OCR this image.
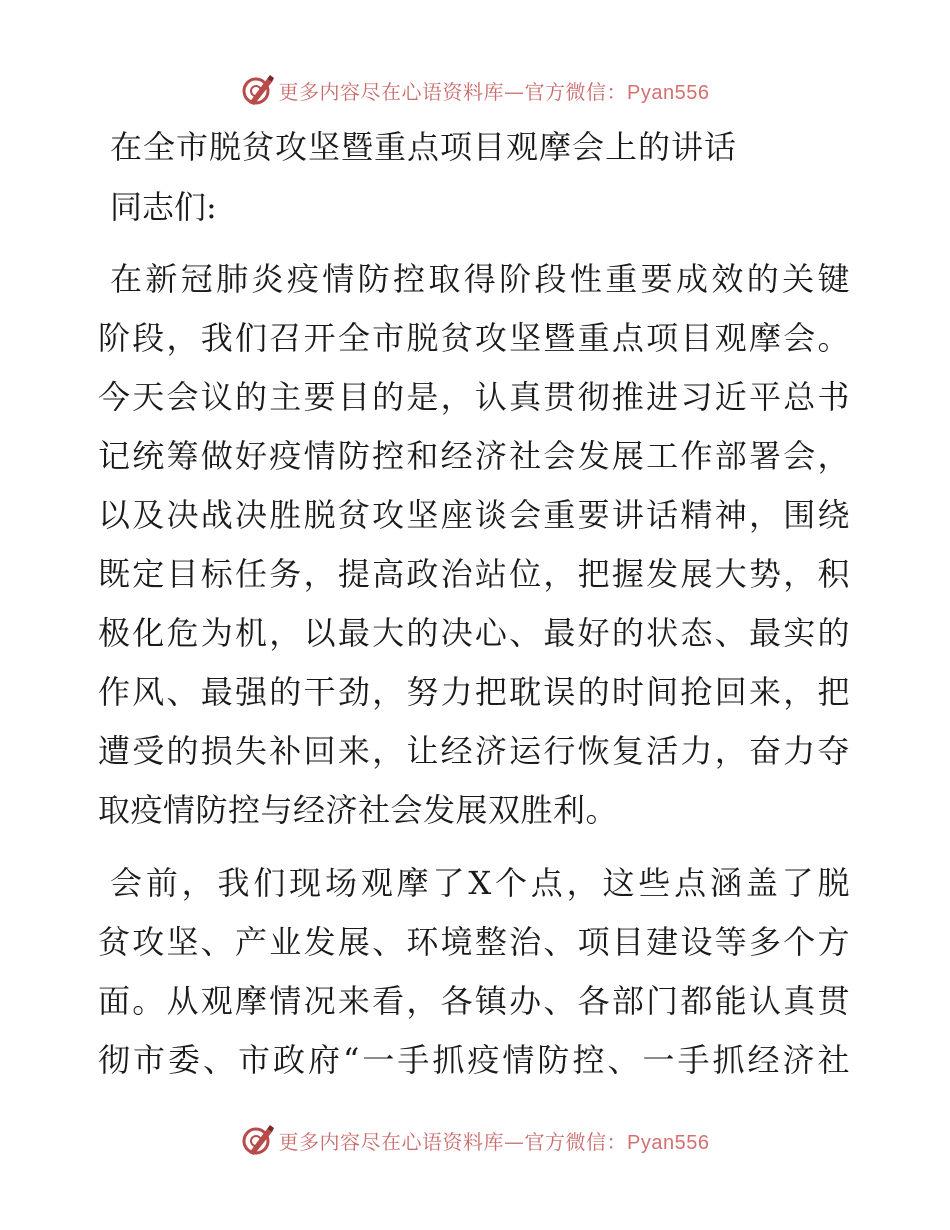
更多内容尽在心语资料库—官方微信：Pyan556
在全市脱贫攻坚暨重点项目观摩会上的讲话
同志们:
在新冠肺炎疫情防控取得阶段性重要成效的关键
阶段，我们召开全市脱贫攻坚暨重点项目观摩会。
今天会议的主要目的是，认真贯彻推进习近平总书
记统筹做好疫情防控和经济社会发展工作部署会，
以及决战决胜脱贫攻坚座谈会重要讲话精神，围绕
既定目标任务，提高政治站位，把握发展大势，积
极化危为机，以最大的决心、最好的状态、最实的
作风、最强的干劲，努力把耽误的时间抢回来，把
遭受的损失补回来，让经济运行恢复活力，奋力夺
取疫情防控与经济社会发展双胜利。
会前，我们现场观摩了X个点，这些点涵盖了脱
贫攻坚、产业发展、环境整治、项目建设等多个方
面。从观摩情况来看，各镇办、各部门都能认真贯
彻市委、市政府“一手抓疫情防控、一手抓经济社
更多内容尽在心语资料库—官方微信：Pyan556
